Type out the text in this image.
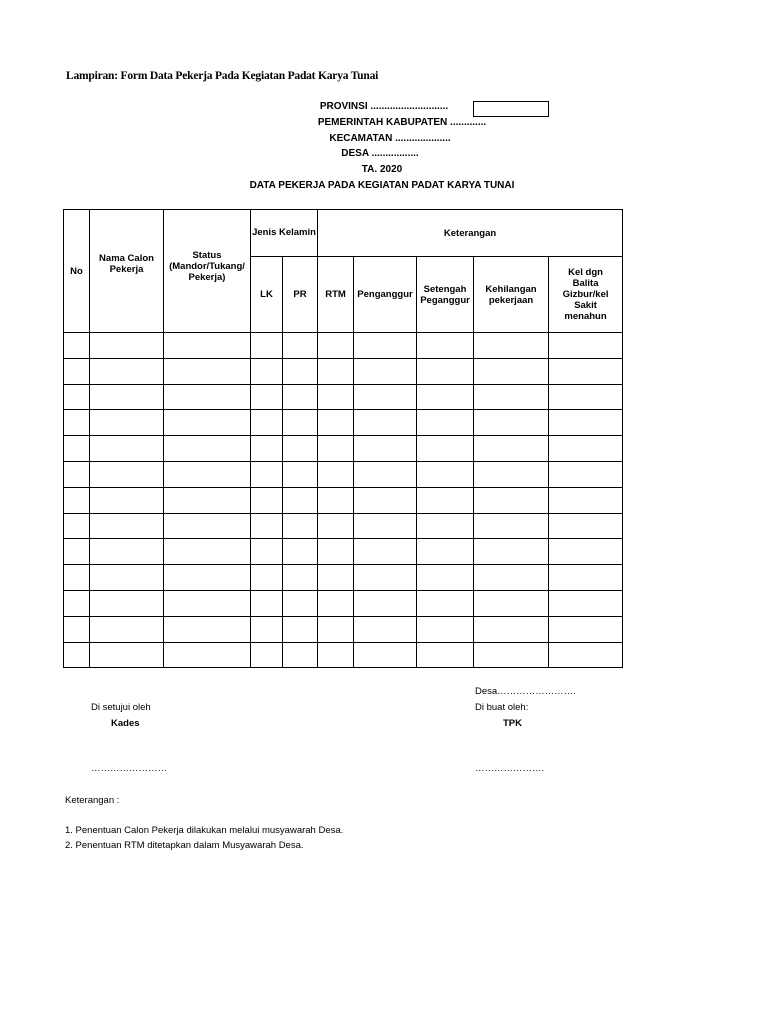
Lampiran: Form Data Pekerja Pada Kegiatan Padat Karya Tunai
PROVINSI ............................
PEMERINTAH KABUPATEN .............
KECAMATAN ....................
DESA .................
TA. 2020
DATA PEKERJA PADA KEGIATAN PADAT KARYA TUNAI
No	Nama Calon Pekerja	Status (Mandor/Tukang/ Pekerja)	Jenis Kelamin		Keterangan				
			LK	PR	RTM	Penganggur	Setengah Peganggur	Kehilangan pekerjaan	Kel dgn Balita Gizbur/kel Sakit menahun

Desa…………………….
Di setujui oleh	Di buat oleh:
Kades	TPK
……………………	………………….
Keterangan :
1. Penentuan Calon Pekerja dilakukan melalui musyawarah Desa.
2. Penentuan RTM ditetapkan dalam Musyawarah Desa.
